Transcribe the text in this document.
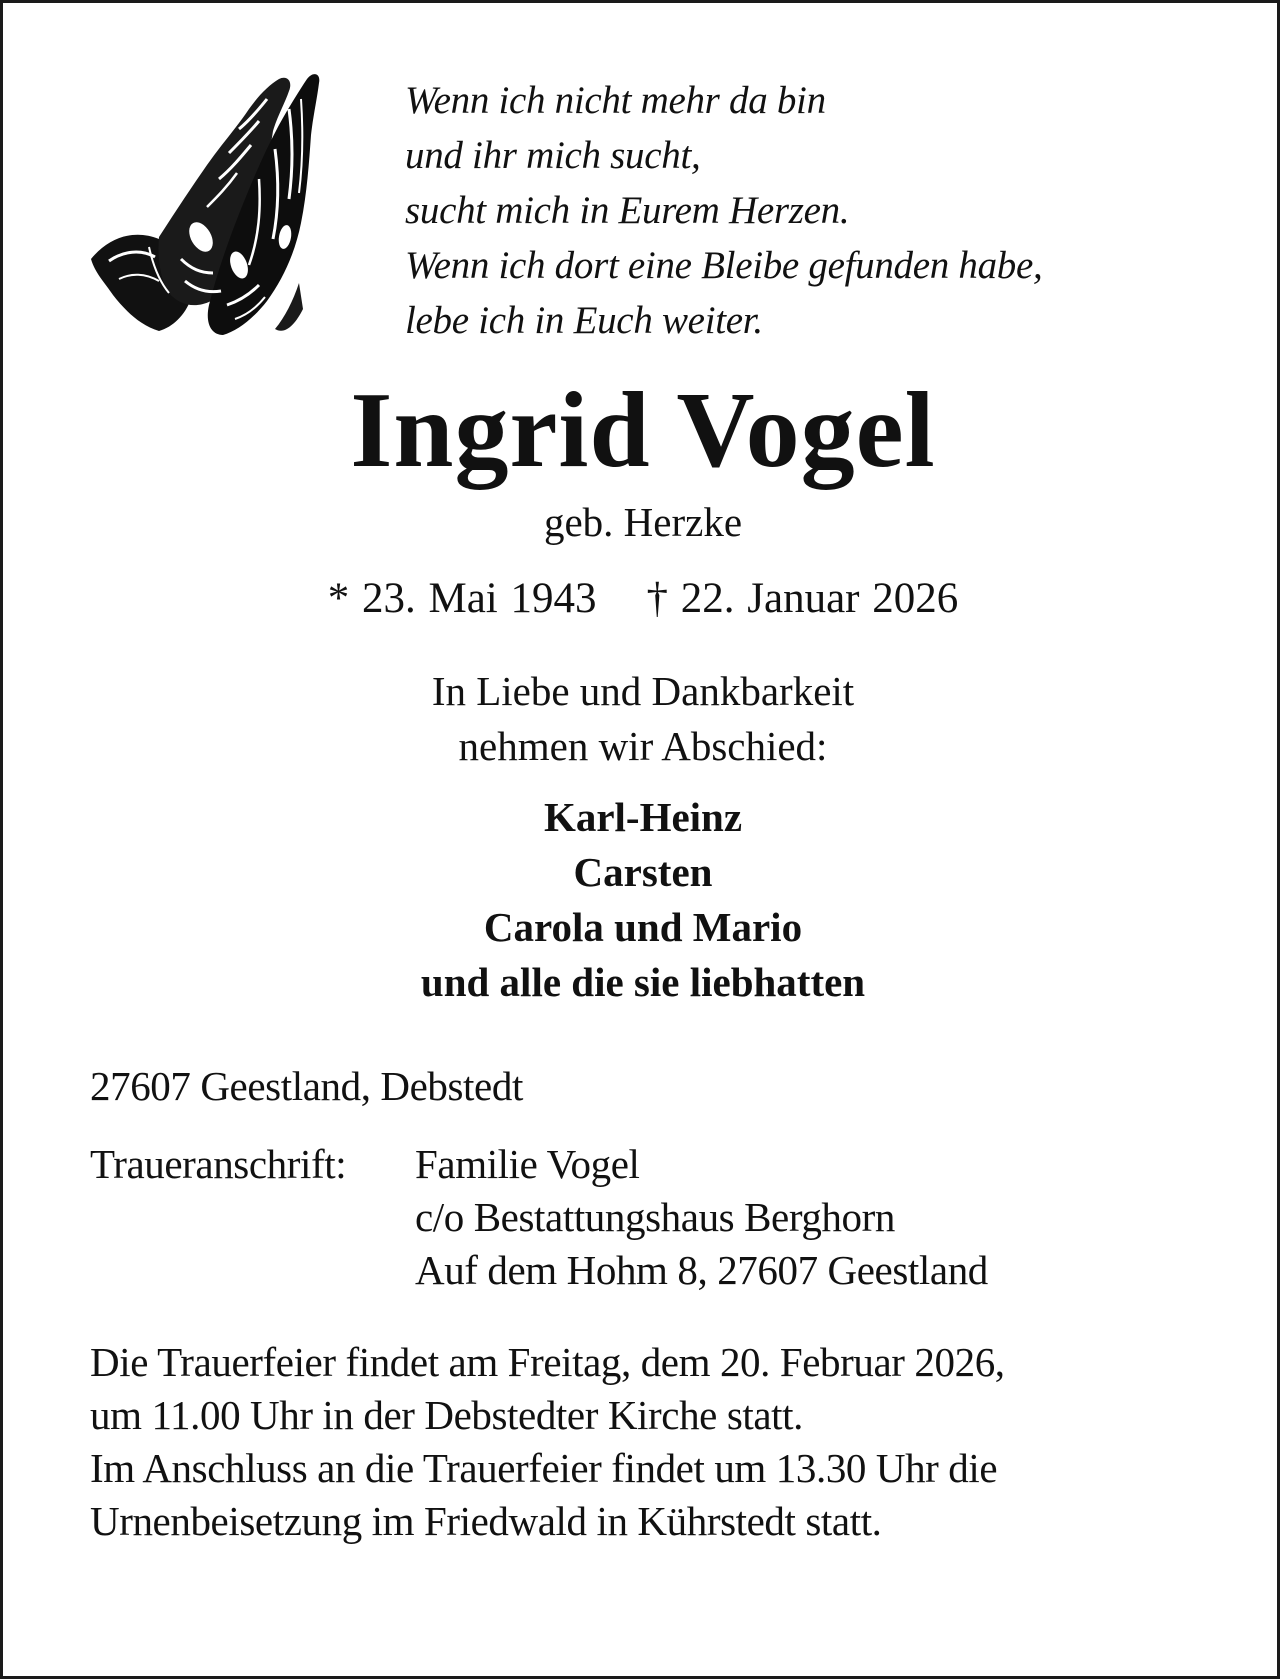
Wenn ich nicht mehr da bin
und ihr mich sucht,
sucht mich in Eurem Herzen.
Wenn ich dort eine Bleibe gefunden habe,
lebe ich in Euch weiter.
Ingrid Vogel
geb. Herzke
* 23. Mai 1943 † 22. Januar 2026
In Liebe und Dankbarkeit
nehmen wir Abschied:
Karl-Heinz
Carsten
Carola und Mario
und alle die sie liebhatten
27607 Geestland, Debstedt
Traueranschrift: Familie Vogel
c/o Bestattungshaus Berghorn
Auf dem Hohm 8, 27607 Geestland
Die Trauerfeier findet am Freitag, dem 20. Februar 2026,
um 11.00 Uhr in der Debstedter Kirche statt.
Im Anschluss an die Trauerfeier findet um 13.30 Uhr die
Urnenbeisetzung im Friedwald in Kührstedt statt.
